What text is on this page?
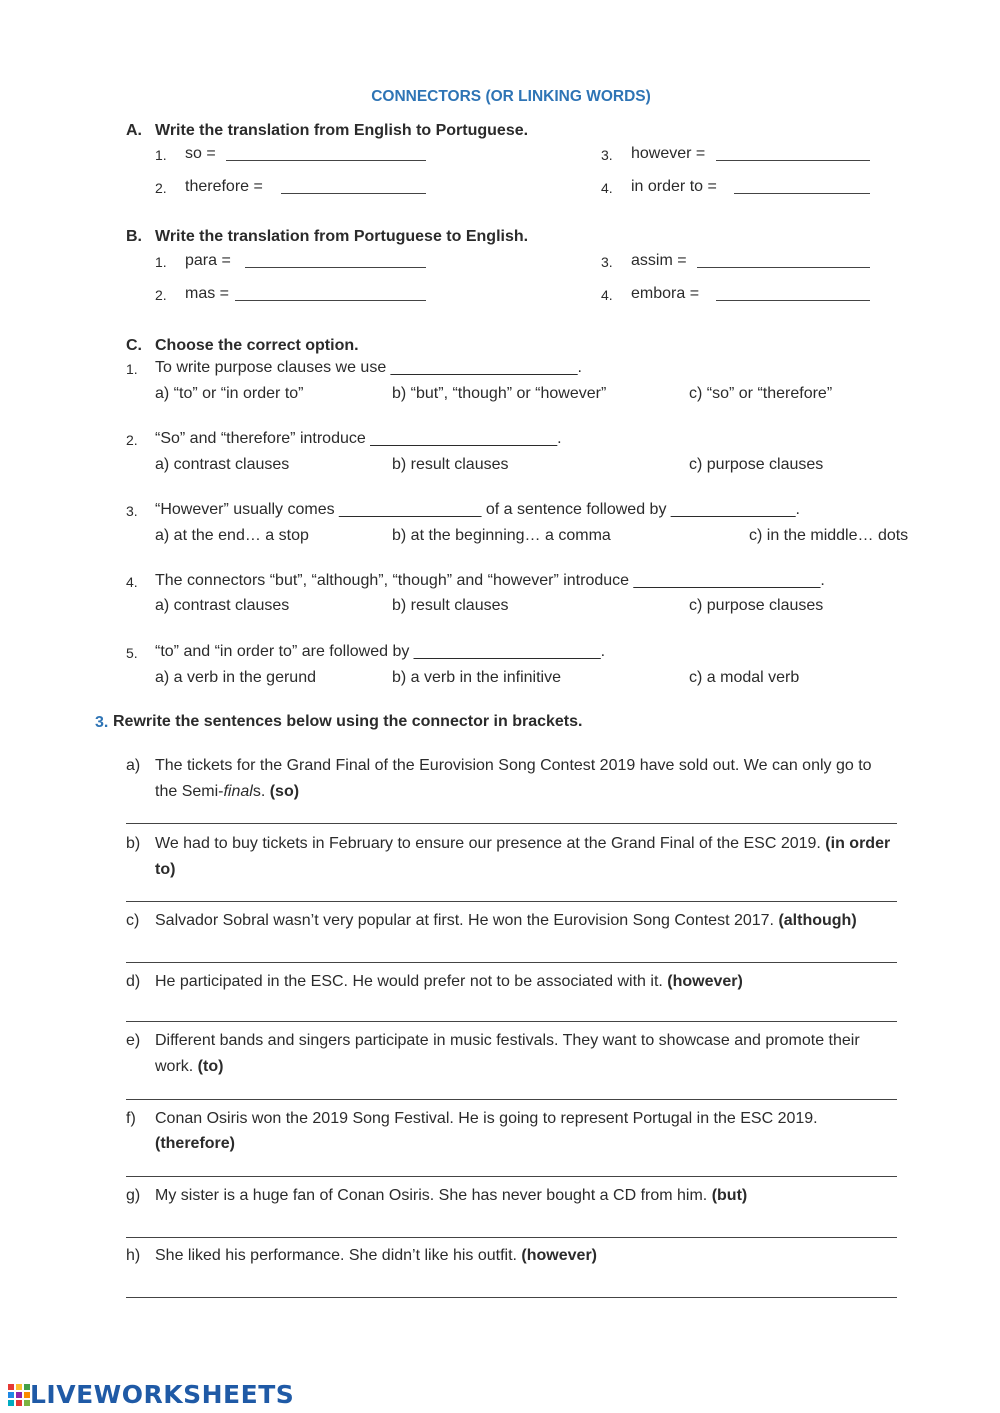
CONNECTORS (OR LINKING WORDS)
A. Write the translation from English to Portuguese.
1. so =	3. however =
2. therefore =	4. in order to =
B. Write the translation from Portuguese to English.
1. para =	3. assim =
2. mas =	4. embora =
C. Choose the correct option.
1. To write purpose clauses we use _____________________.
a) “to” or “in order to”	b) “but”, “though” or “however”	c) “so” or “therefore”
2. “So” and “therefore” introduce _____________________.
a) contrast clauses	b) result clauses	c) purpose clauses
3. “However” usually comes ________________ of a sentence followed by ______________.
a) at the end… a stop	b) at the beginning… a comma	c) in the middle… dots
4. The connectors “but”, “although”, “though” and “however” introduce _____________________.
a) contrast clauses	b) result clauses	c) purpose clauses
5. “to” and “in order to” are followed by _____________________.
a) a verb in the gerund	b) a verb in the infinitive	c) a modal verb
3. Rewrite the sentences below using the connector in brackets.
a) The tickets for the Grand Final of the Eurovision Song Contest 2019 have sold out. We can only go to
the Semi-finals. (so)
b) We had to buy tickets in February to ensure our presence at the Grand Final of the ESC 2019. (in order
to)
c) Salvador Sobral wasn’t very popular at first. He won the Eurovision Song Contest 2017. (although)
d) He participated in the ESC. He would prefer not to be associated with it. (however)
e) Different bands and singers participate in music festivals. They want to showcase and promote their
work. (to)
f) Conan Osiris won the 2019 Song Festival. He is going to represent Portugal in the ESC 2019.
(therefore)
g) My sister is a huge fan of Conan Osiris. She has never bought a CD from him. (but)
h) She liked his performance. She didn’t like his outfit. (however)
LIVEWORKSHEETS
